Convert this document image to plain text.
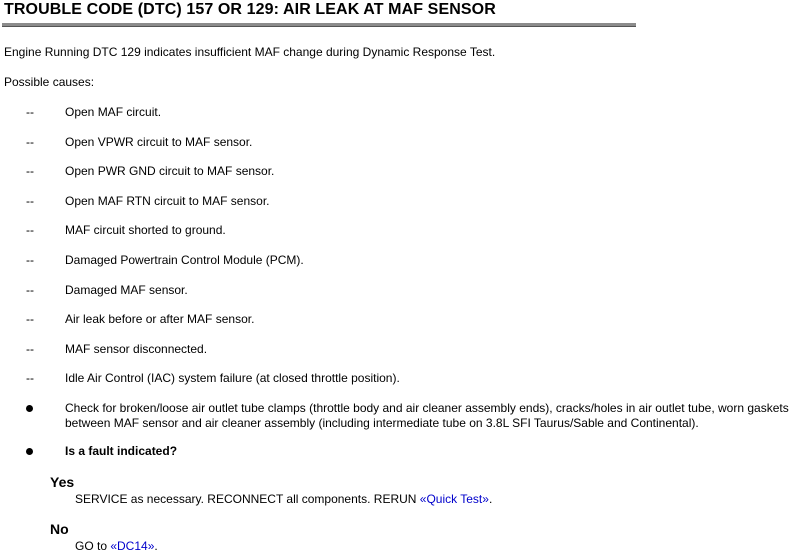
TROUBLE CODE (DTC) 157 OR 129: AIR LEAK AT MAF SENSOR

Engine Running DTC 129 indicates insufficient MAF change during Dynamic Response Test.

Possible causes:

--	Open MAF circuit.
--	Open VPWR circuit to MAF sensor.
--	Open PWR GND circuit to MAF sensor.
--	Open MAF RTN circuit to MAF sensor.
--	MAF circuit shorted to ground.
--	Damaged Powertrain Control Module (PCM).
--	Damaged MAF sensor.
--	Air leak before or after MAF sensor.
--	MAF sensor disconnected.
--	Idle Air Control (IAC) system failure (at closed throttle position).

Check for broken/loose air outlet tube clamps (throttle body and air cleaner assembly ends), cracks/holes in air outlet tube, worn gaskets between MAF sensor and air cleaner assembly (including intermediate tube on 3.8L SFI Taurus/Sable and Continental).

Is a fault indicated?
Yes
SERVICE as necessary. RECONNECT all components. RERUN «Quick Test».
No
GO to «DC14».
